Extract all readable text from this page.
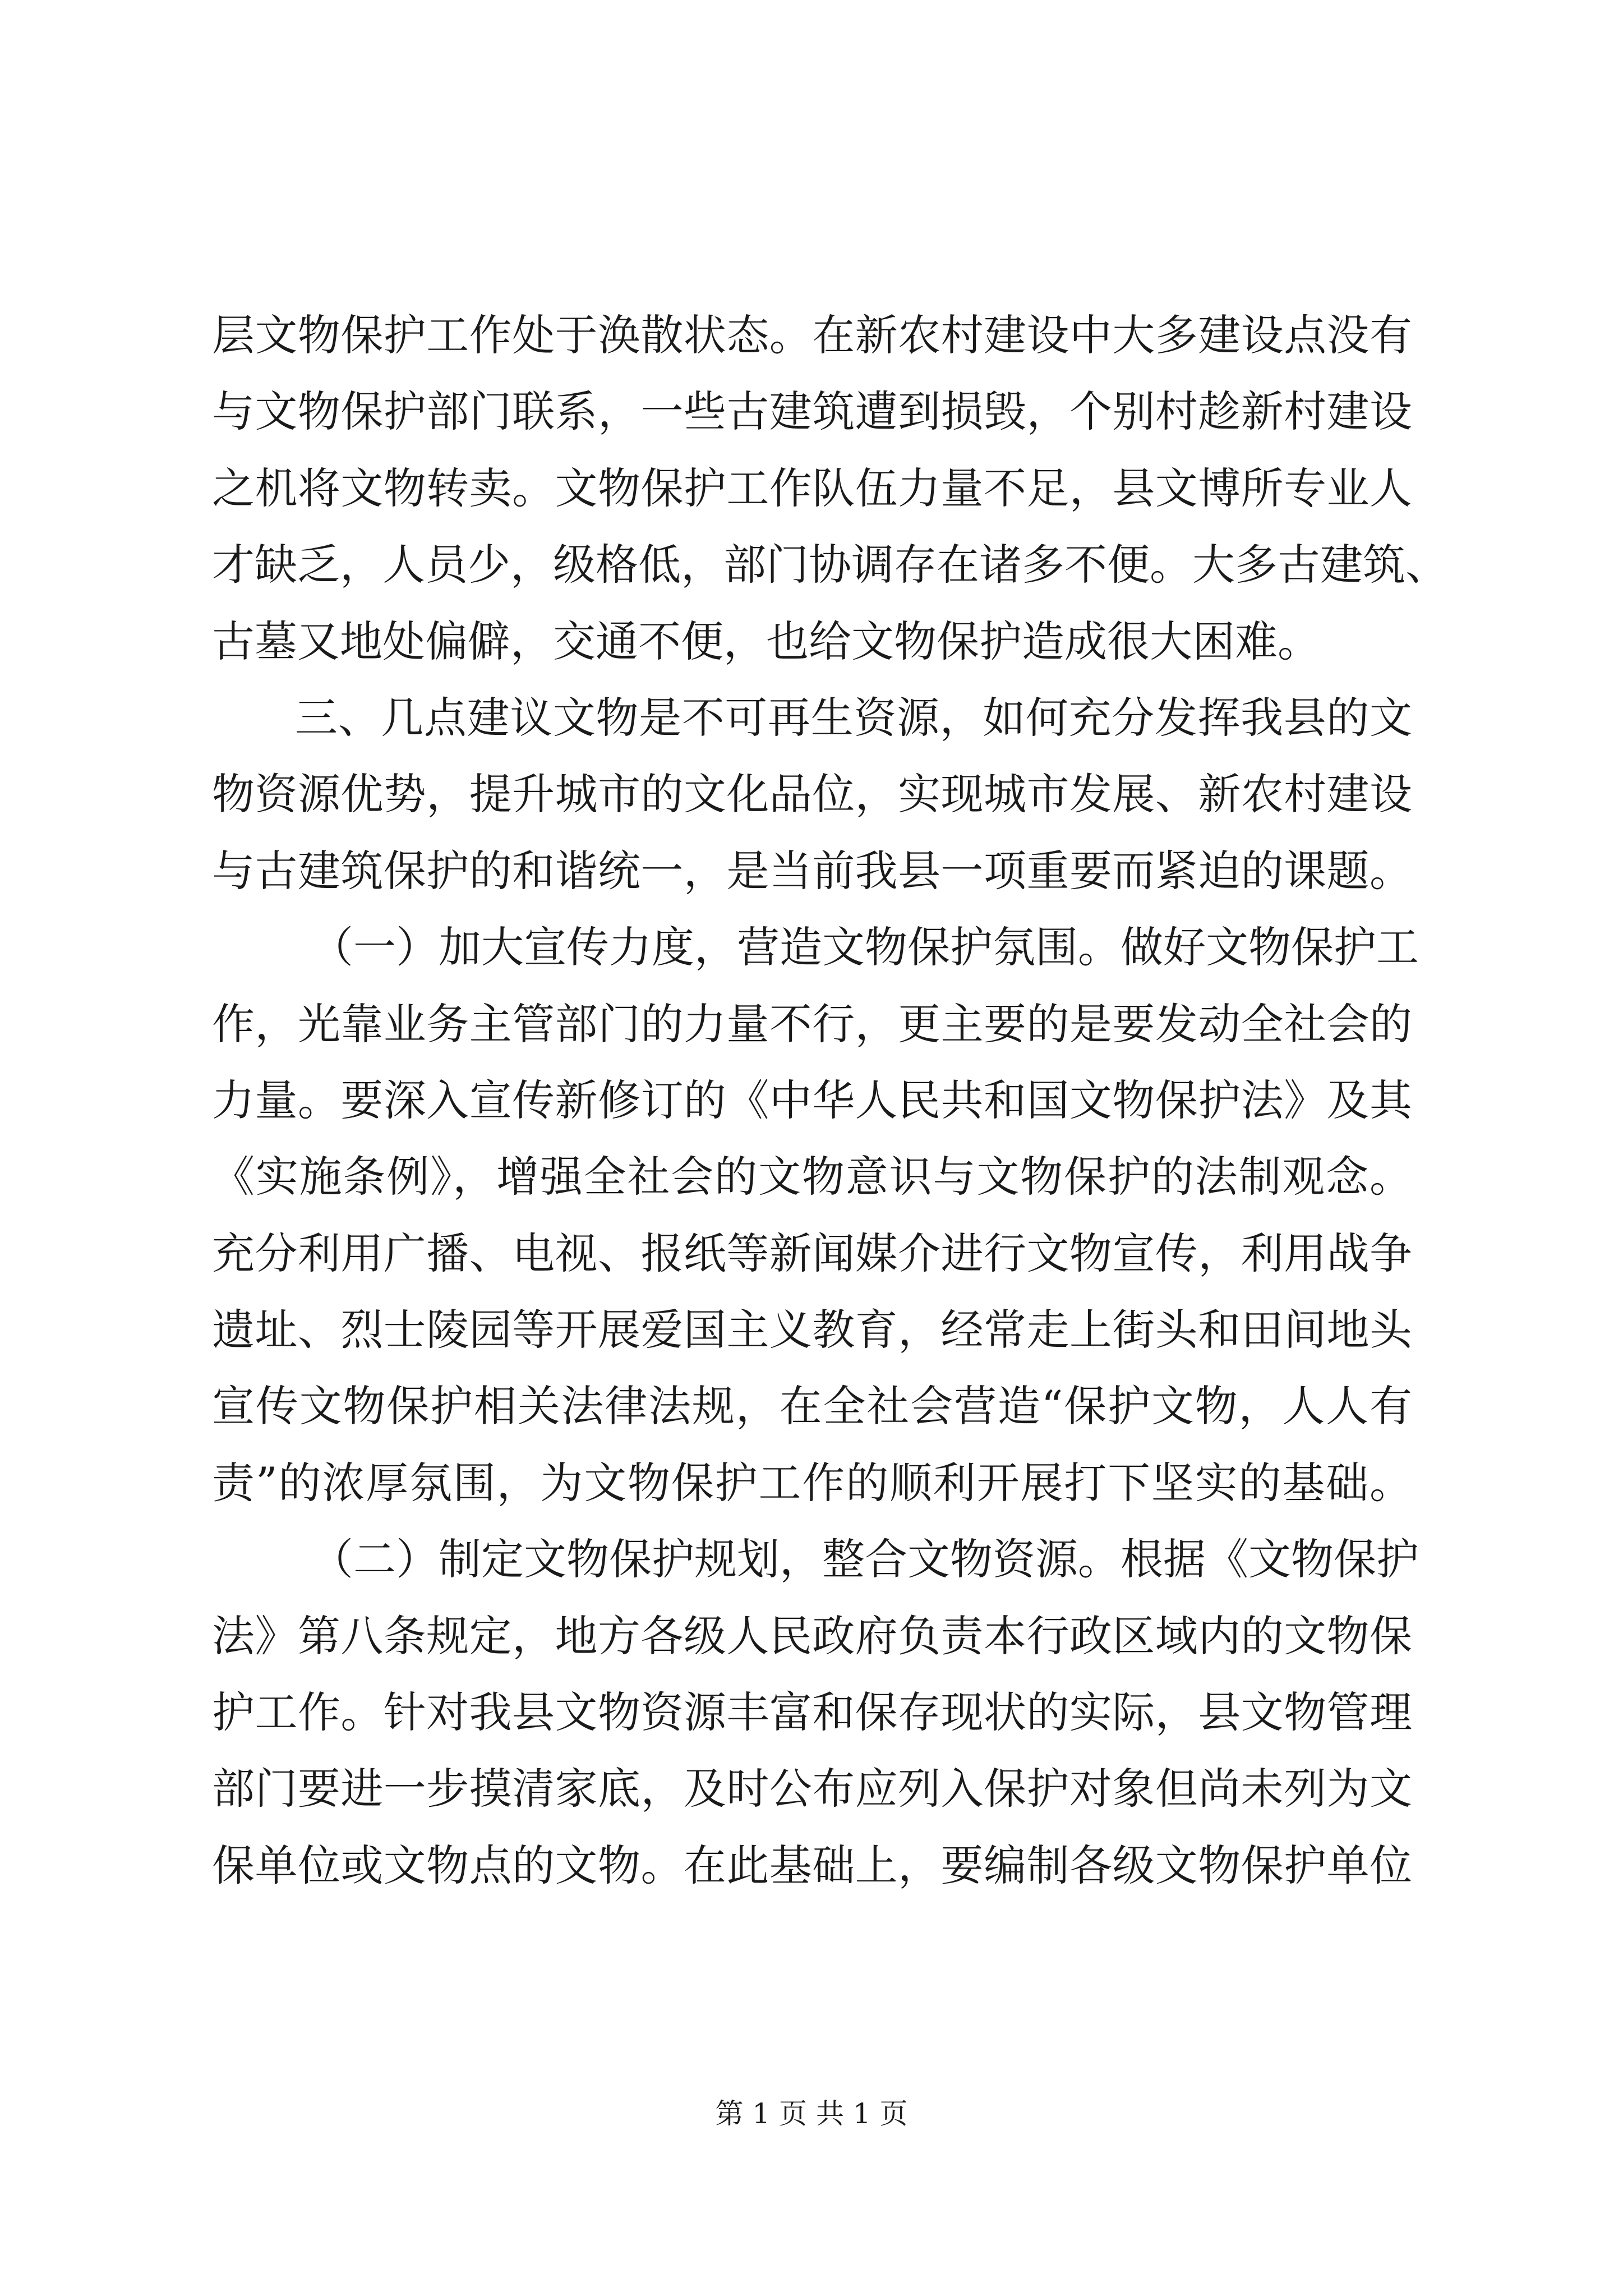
层文物保护工作处于涣散状态。在新农村建设中大多建设点没有
与文物保护部门联系，一些古建筑遭到损毁，个别村趁新村建设
之机将文物转卖。文物保护工作队伍力量不足，县文博所专业人
才缺乏，人员少，级格低，部门协调存在诸多不便。大多古建筑、
古墓又地处偏僻，交通不便，也给文物保护造成很大困难。
三、几点建议文物是不可再生资源，如何充分发挥我县的文
物资源优势，提升城市的文化品位，实现城市发展、新农村建设
与古建筑保护的和谐统一，是当前我县一项重要而紧迫的课题。
（一）加大宣传力度，营造文物保护氛围。做好文物保护工
作，光靠业务主管部门的力量不行，更主要的是要发动全社会的
力量。要深入宣传新修订的《中华人民共和国文物保护法》及其
《实施条例》，增强全社会的文物意识与文物保护的法制观念。
充分利用广播、电视、报纸等新闻媒介进行文物宣传，利用战争
遗址、烈士陵园等开展爱国主义教育，经常走上街头和田间地头
宣传文物保护相关法律法规，在全社会营造“保护文物，人人有
责”的浓厚氛围，为文物保护工作的顺利开展打下坚实的基础。
（二）制定文物保护规划，整合文物资源。根据《文物保护
法》第八条规定，地方各级人民政府负责本行政区域内的文物保
护工作。针对我县文物资源丰富和保存现状的实际，县文物管理
部门要进一步摸清家底，及时公布应列入保护对象但尚未列为文
保单位或文物点的文物。在此基础上，要编制各级文物保护单位
第 1 页 共 1 页
